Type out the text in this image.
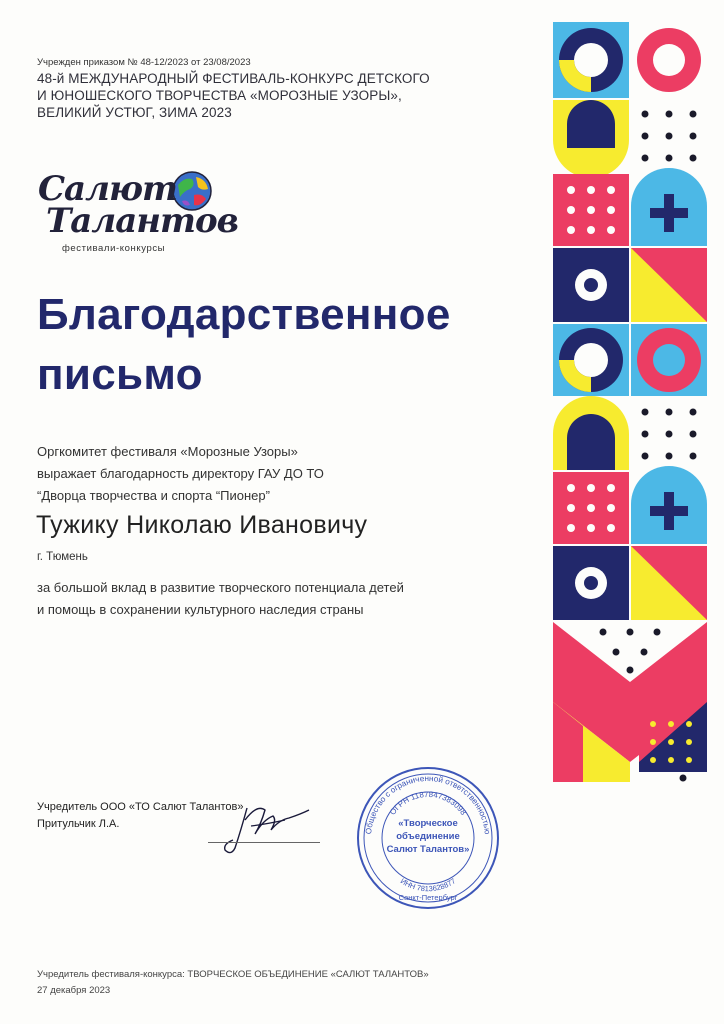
Учрежден приказом № 48-12/2023 от 23/08/2023
48-й МЕЖДУНАРОДНЫЙ ФЕСТИВАЛЬ-КОНКУРС ДЕТСКОГО
И ЮНОШЕСКОГО ТВОРЧЕСТВА «МОРОЗНЫЕ УЗОРЫ»,
ВЕЛИКИЙ УСТЮГ, ЗИМА 2023
Салют
Талантов
фестивали-конкурсы
Благодарственное
письмо
Оргкомитет фестиваля «Морозные Узоры»
выражает благодарность директору ГАУ ДО ТО
“Дворца творчества и спорта “Пионер”
Тужику Николаю Ивановичу
г. Тюмень
за большой вклад в развитие творческого потенциала детей
и помощь в сохранении культурного наследия страны
Учредитель ООО «ТО Салют Талантов»
Притульчик Л.А.
Общество с ограниченной ответственностью
ОГРН 1187847383098
ИНН 7813628877
«Творческое
объединение
Салют Талантов»
Санкт-Петербург
Учредитель фестиваля-конкурса: ТВОРЧЕСКОЕ ОБЪЕДИНЕНИЕ «САЛЮТ ТАЛАНТОВ»
27 декабря 2023
